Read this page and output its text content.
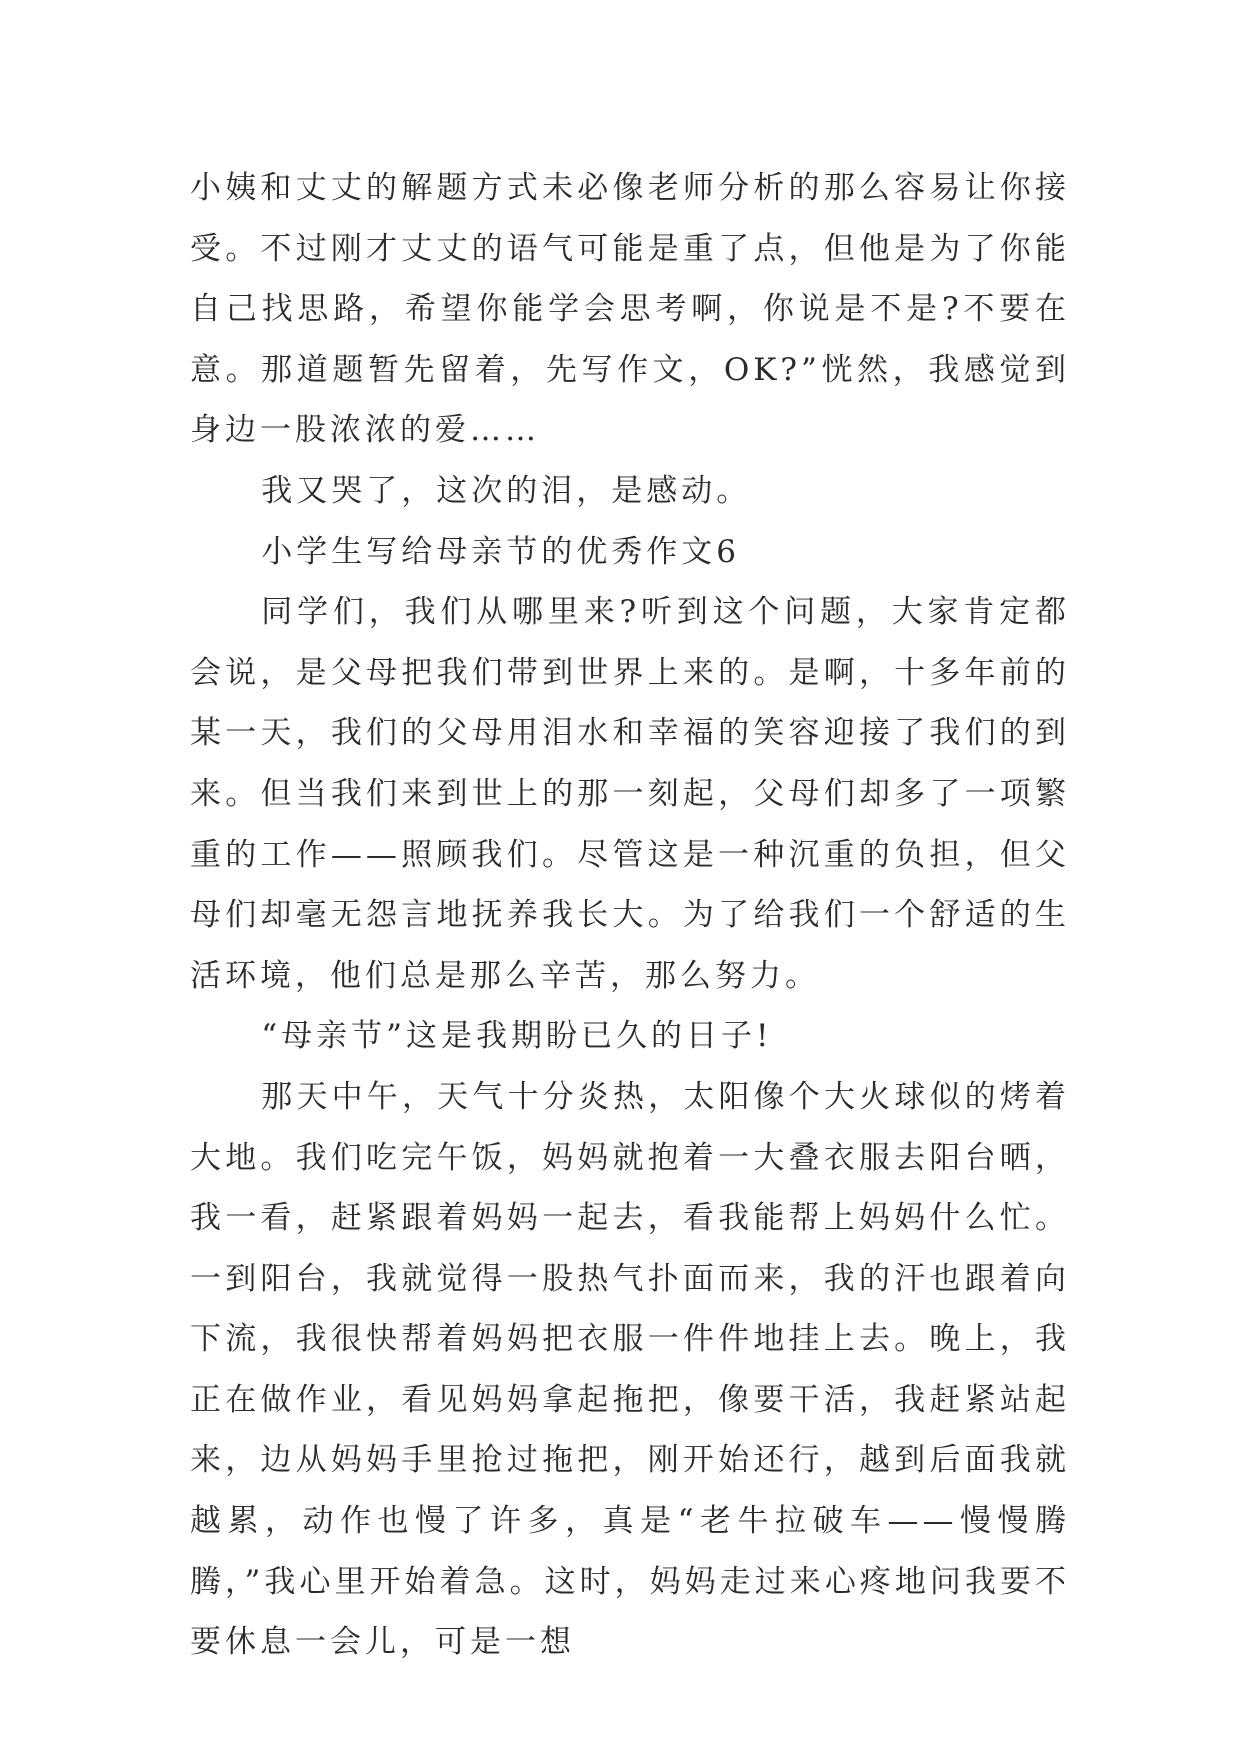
小姨和丈丈的解题方式未必像老师分析的那么容易让你接受。不过刚才丈丈的语气可能是重了点，但他是为了你能自己找思路，希望你能学会思考啊，你说是不是?不要在意。那道题暂先留着，先写作文，OK?”恍然，我感觉到身边一股浓浓的爱……

我又哭了，这次的泪，是感动。

小学生写给母亲节的优秀作文6

同学们，我们从哪里来?听到这个问题，大家肯定都会说，是父母把我们带到世界上来的。是啊，十多年前的某一天，我们的父母用泪水和幸福的笑容迎接了我们的到来。但当我们来到世上的那一刻起，父母们却多了一项繁重的工作——照顾我们。尽管这是一种沉重的负担，但父母们却毫无怨言地抚养我长大。为了给我们一个舒适的生活环境，他们总是那么辛苦，那么努力。

“母亲节”这是我期盼已久的日子!

那天中午，天气十分炎热，太阳像个大火球似的烤着大地。我们吃完午饭，妈妈就抱着一大叠衣服去阳台晒，我一看，赶紧跟着妈妈一起去，看我能帮上妈妈什么忙。一到阳台，我就觉得一股热气扑面而来，我的汗也跟着向下流，我很快帮着妈妈把衣服一件件地挂上去。晚上，我正在做作业，看见妈妈拿起拖把，像要干活，我赶紧站起来，边从妈妈手里抢过拖把，刚开始还行，越到后面我就越累，动作也慢了许多，真是“老牛拉破车——慢慢腾腾，”我心里开始着急。这时，妈妈走过来心疼地问我要不要休息一会儿，可是一想
